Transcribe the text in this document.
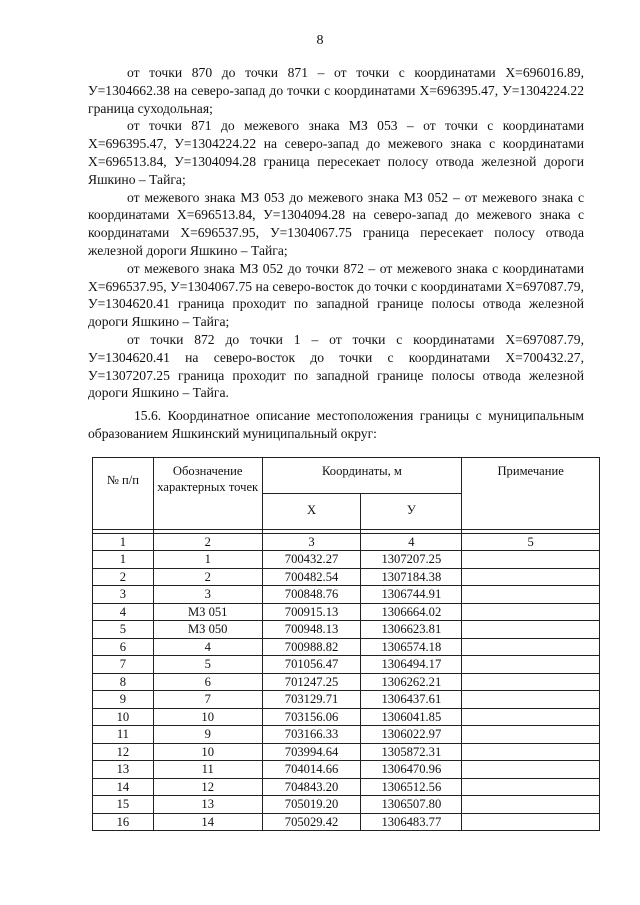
8

от точки 870 до точки 871 – от точки с координатами Х=696016.89, У=1304662.38 на северо-запад до точки с координатами Х=696395.47, У=1304224.22 граница суходольная;

от точки 871 до межевого знака МЗ 053 – от точки с координатами Х=696395.47, У=1304224.22 на северо-запад до межевого знака с координатами Х=696513.84, У=1304094.28 граница пересекает полосу отвода железной дороги Яшкино – Тайга;

от межевого знака МЗ 053 до межевого знака МЗ 052 – от межевого знака с координатами Х=696513.84, У=1304094.28 на северо-запад до межевого знака с координатами Х=696537.95, У=1304067.75 граница пересекает полосу отвода железной дороги Яшкино – Тайга;

от межевого знака МЗ 052 до точки 872 – от межевого знака с координатами Х=696537.95, У=1304067.75 на северо-восток до точки с координатами Х=697087.79, У=1304620.41 граница проходит по западной границе полосы отвода железной дороги Яшкино – Тайга;

от точки 872 до точки 1 – от точки с координатами Х=697087.79, У=1304620.41 на северо-восток до точки с координатами Х=700432.27, У=1307207.25 граница проходит по западной границе полосы отвода железной дороги Яшкино – Тайга.

15.6. Координатное описание местоположения границы с муниципальным образованием Яшкинский муниципальный округ:

№ п/п	Обозначение характерных точек	Координаты, м		Примечание

		Х	У	

1	2	3	4	5
1	1	700432.27	1307207.25	
2	2	700482.54	1307184.38	
3	3	700848.76	1306744.91	
4	МЗ 051	700915.13	1306664.02	
5	МЗ 050	700948.13	1306623.81	
6	4	700988.82	1306574.18	
7	5	701056.47	1306494.17	
8	6	701247.25	1306262.21	
9	7	703129.71	1306437.61	
10	10	703156.06	1306041.85	
11	9	703166.33	1306022.97	
12	10	703994.64	1305872.31	
13	11	704014.66	1306470.96	
14	12	704843.20	1306512.56	
15	13	705019.20	1306507.80	
16	14	705029.42	1306483.77	
